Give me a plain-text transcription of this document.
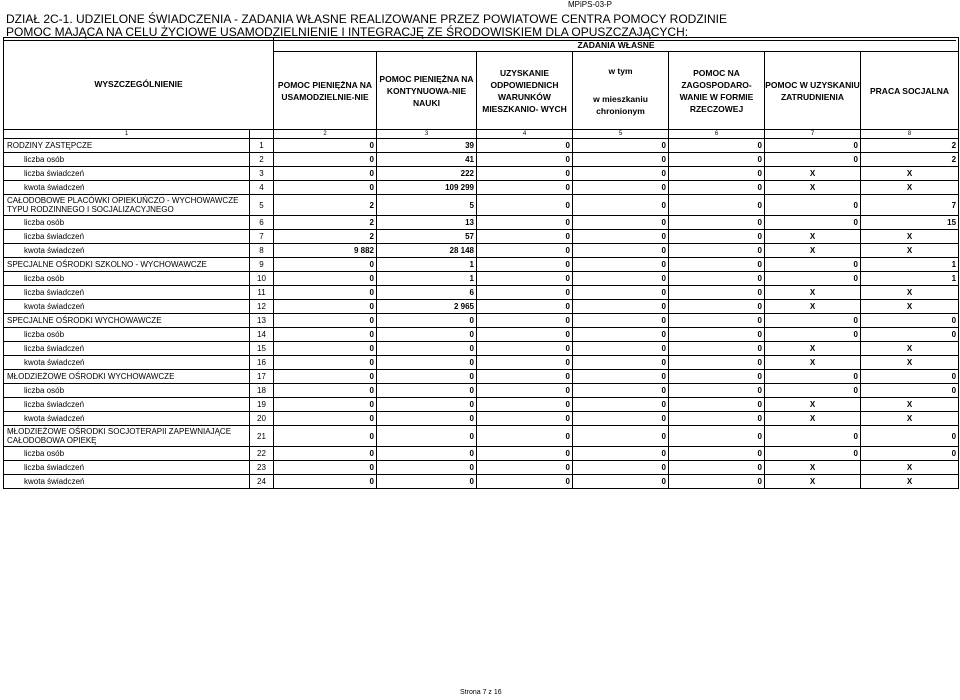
MPiPS-03-P
DZIAŁ 2C-1. UDZIELONE ŚWIADCZENIA - ZADANIA WŁASNE REALIZOWANE PRZEZ POWIATOWE CENTRA POMOCY RODZINIE
POMOC MAJĄCA NA CELU ŻYCIOWE USAMODZIELNIENIE I INTEGRACJĘ ZE ŚRODOWISKIEM DLA OPUSZCZAJĄCYCH:
WYSZCZEGÓLNIENIE		ZADANIA WŁASNE						
		POMOC PIENIĘŻNA NA USAMODZIELNIE-NIE	POMOC PIENIĘŻNA NA KONTYNUOWA-NIE NAUKI	UZYSKANIE ODPOWIEDNICH WARUNKÓW MIESZKANIO- WYCH	w tym
w mieszkaniu chronionym	POMOC NA ZAGOSPODARO-WANIE W FORMIE RZECZOWEJ	POMOC W UZYSKANIU ZATRUDNIENIA	PRACA SOCJALNA
1		2	3	4	5	6	7	8
RODZINY ZASTĘPCZE	1	0	39	0	0	0	0	2
liczba osób	2	0	41	0	0	0	0	2
liczba świadczeń	3	0	222	0	0	0	X	X
kwota świadczeń	4	0	109 299	0	0	0	X	X
CAŁODOBOWE PLACÓWKI OPIEKUŃCZO - WYCHOWAWCZE TYPU RODZINNEGO I SOCJALIZACYJNEGO	5	2	5	0	0	0	0	7
liczba osób	6	2	13	0	0	0	0	15
liczba świadczeń	7	2	57	0	0	0	X	X
kwota świadczeń	8	9 882	28 148	0	0	0	X	X
SPECJALNE OŚRODKI SZKOLNO - WYCHOWAWCZE	9	0	1	0	0	0	0	1
liczba osób	10	0	1	0	0	0	0	1
liczba świadczeń	11	0	6	0	0	0	X	X
kwota świadczeń	12	0	2 965	0	0	0	X	X
SPECJALNE OŚRODKI WYCHOWAWCZE	13	0	0	0	0	0	0	0
liczba osób	14	0	0	0	0	0	0	0
liczba świadczeń	15	0	0	0	0	0	X	X
kwota świadczeń	16	0	0	0	0	0	X	X
MŁODZIEŻOWE OŚRODKI WYCHOWAWCZE	17	0	0	0	0	0	0	0
liczba osób	18	0	0	0	0	0	0	0
liczba świadczeń	19	0	0	0	0	0	X	X
kwota świadczeń	20	0	0	0	0	0	X	X
MŁODZIEŻOWE OŚRODKI SOCJOTERAPII ZAPEWNIAJĄCE CAŁODOBOWA OPIEKĘ	21	0	0	0	0	0	0	0
liczba osób	22	0	0	0	0	0	0	0
liczba świadczeń	23	0	0	0	0	0	X	X
kwota świadczeń	24	0	0	0	0	0	X	X
Strona 7 z 16
